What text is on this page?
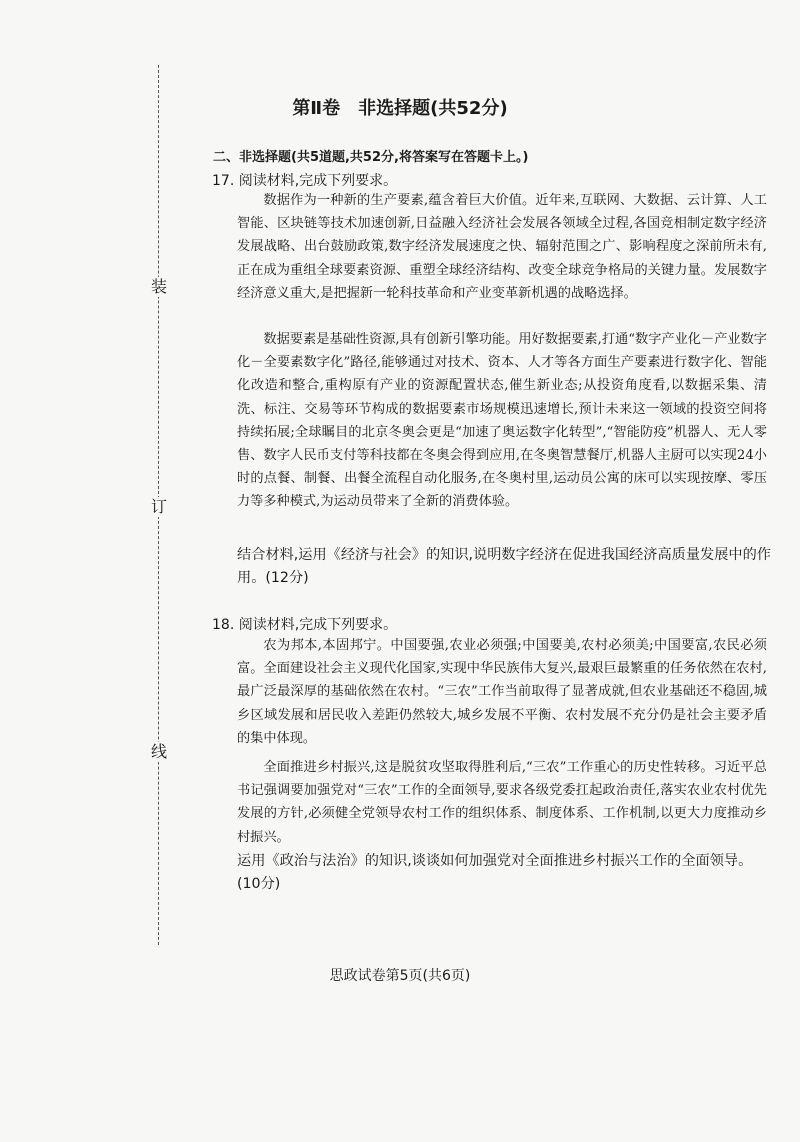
装
订
线
第Ⅱ卷　非选择题(共52分)
二、非选择题(共5道题,共52分,将答案写在答题卡上。)
17. 阅读材料,完成下列要求。
数据作为一种新的生产要素,蕴含着巨大价值。近年来,互联网、大数据、云计算、人工智能、区块链等技术加速创新,日益融入经济社会发展各领域全过程,各国竞相制定数字经济发展战略、出台鼓励政策,数字经济发展速度之快、辐射范围之广、影响程度之深前所未有,正在成为重组全球要素资源、重塑全球经济结构、改变全球竞争格局的关键力量。发展数字经济意义重大,是把握新一轮科技革命和产业变革新机遇的战略选择。
数据要素是基础性资源,具有创新引擎功能。用好数据要素,打通“数字产业化－产业数字化－全要素数字化”路径,能够通过对技术、资本、人才等各方面生产要素进行数字化、智能化改造和整合,重构原有产业的资源配置状态,催生新业态;从投资角度看,以数据采集、清洗、标注、交易等环节构成的数据要素市场规模迅速增长,预计未来这一领域的投资空间将持续拓展;全球瞩目的北京冬奥会更是“加速了奥运数字化转型”,“智能防疫”机器人、无人零售、数字人民币支付等科技都在冬奥会得到应用,在冬奥智慧餐厅,机器人主厨可以实现24小时的点餐、制餐、出餐全流程自动化服务,在冬奥村里,运动员公寓的床可以实现按摩、零压力等多种模式,为运动员带来了全新的消费体验。
结合材料,运用《经济与社会》的知识,说明数字经济在促进我国经济高质量发展中的作用。(12分)
18. 阅读材料,完成下列要求。
农为邦本,本固邦宁。中国要强,农业必须强;中国要美,农村必须美;中国要富,农民必须富。全面建设社会主义现代化国家,实现中华民族伟大复兴,最艰巨最繁重的任务依然在农村,最广泛最深厚的基础依然在农村。“三农”工作当前取得了显著成就,但农业基础还不稳固,城乡区域发展和居民收入差距仍然较大,城乡发展不平衡、农村发展不充分仍是社会主要矛盾的集中体现。
全面推进乡村振兴,这是脱贫攻坚取得胜利后,“三农”工作重心的历史性转移。习近平总书记强调要加强党对“三农”工作的全面领导,要求各级党委扛起政治责任,落实农业农村优先发展的方针,必须健全党领导农村工作的组织体系、制度体系、工作机制,以更大力度推动乡村振兴。
运用《政治与法治》的知识,谈谈如何加强党对全面推进乡村振兴工作的全面领导。(10分)
思政试卷第5页(共6页)
